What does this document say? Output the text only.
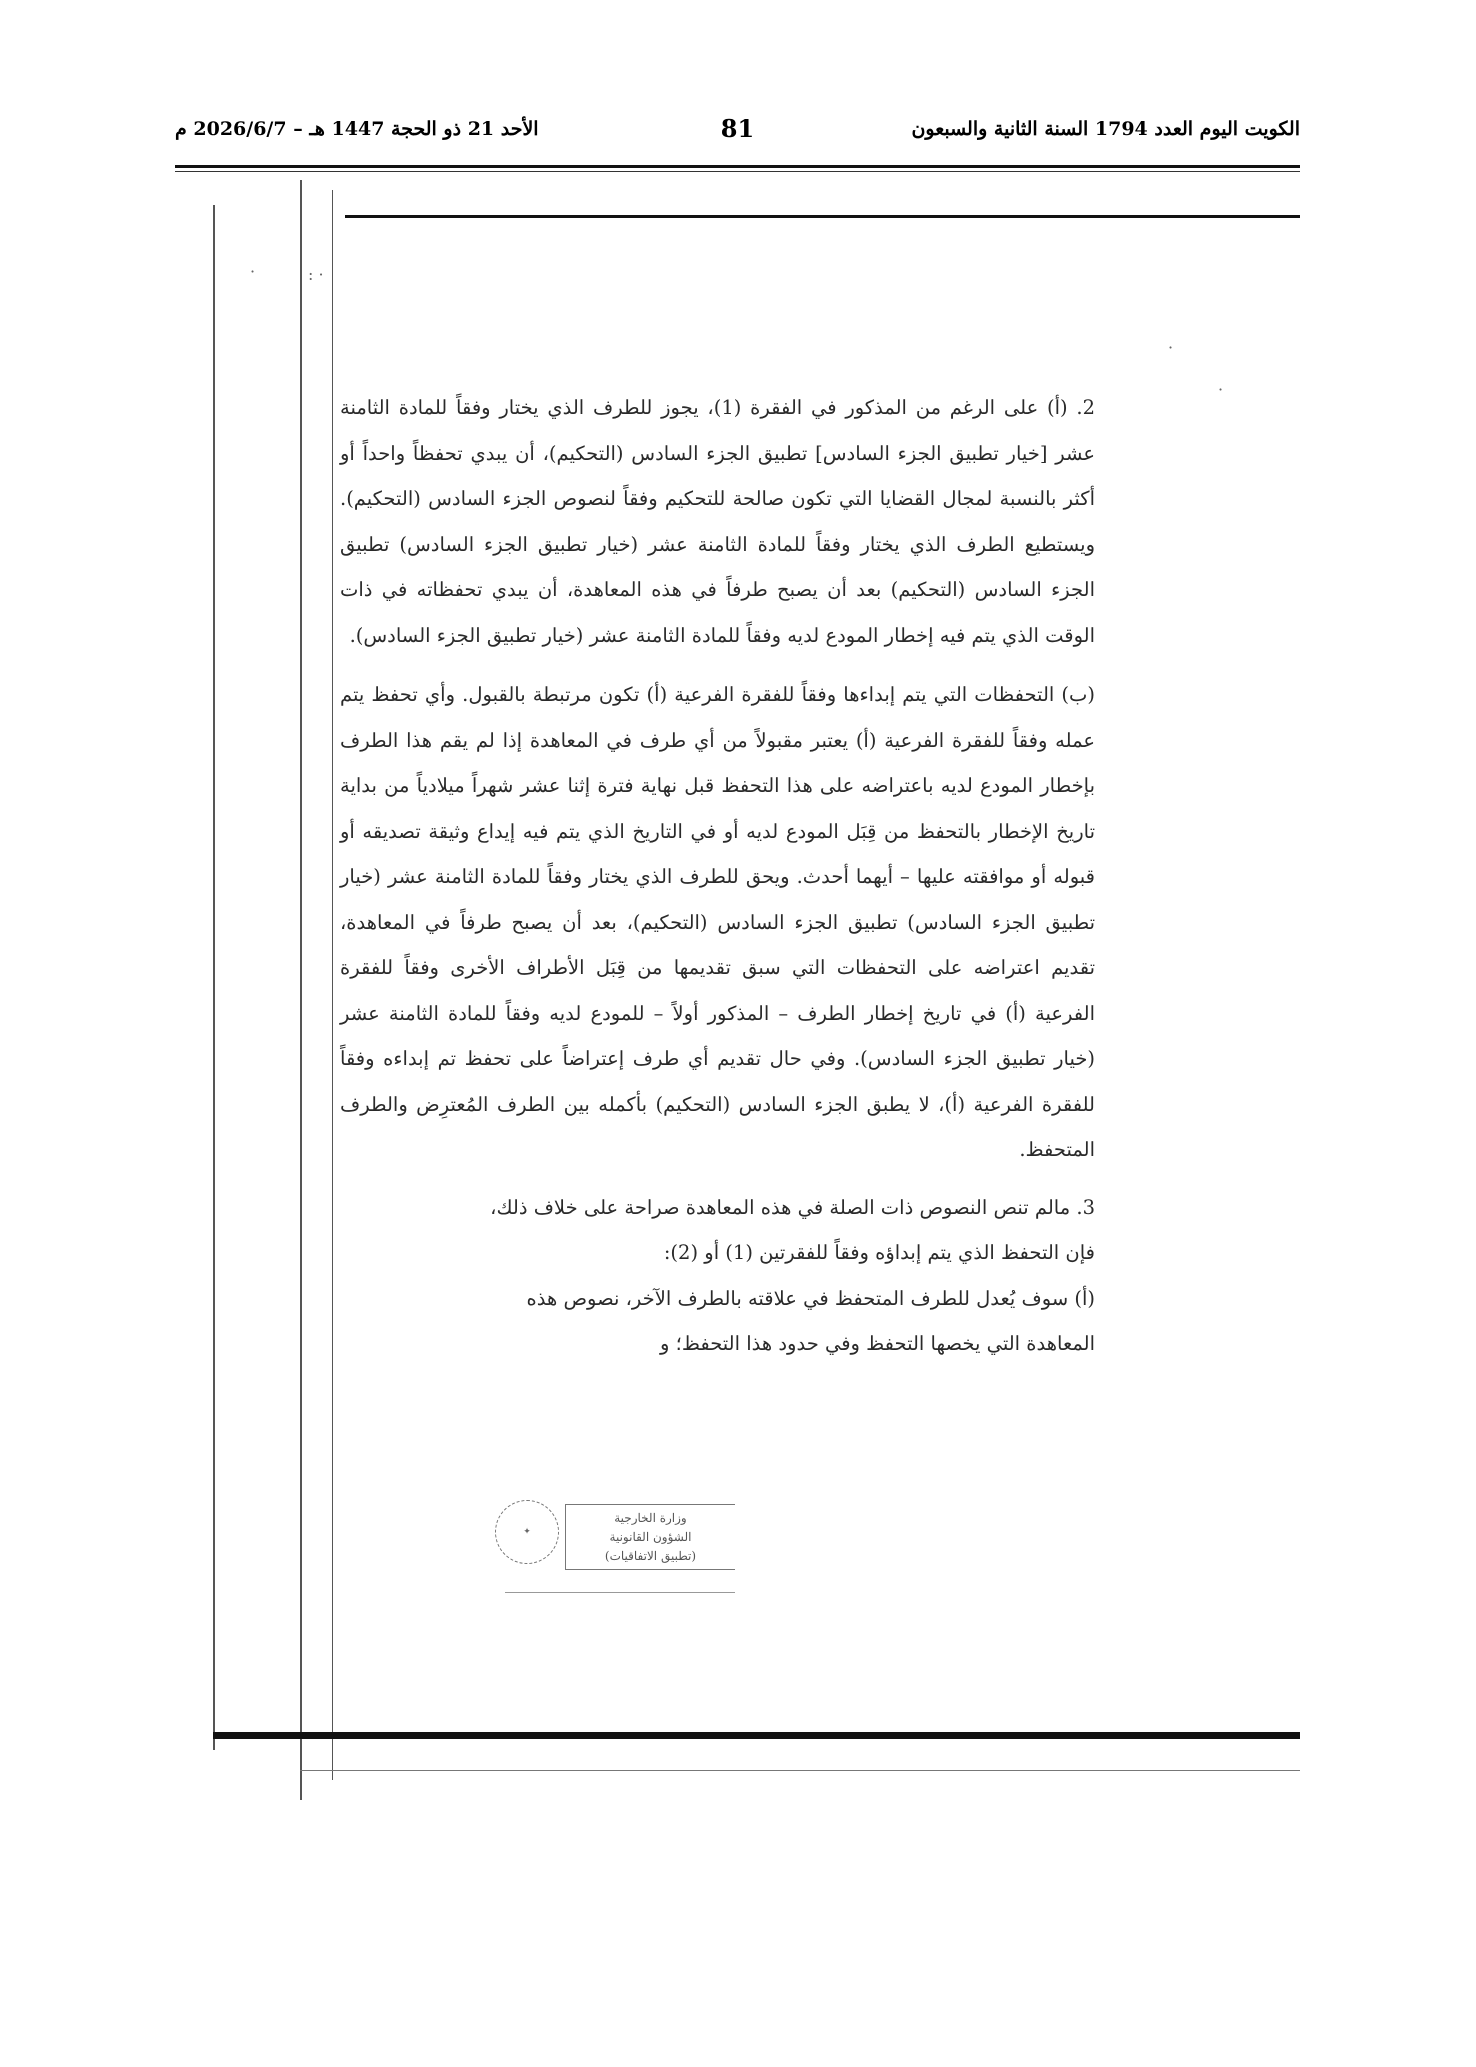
الكويت اليوم العدد 1794 السنة الثانية والسبعون
81
الأحد 21 ذو الحجة 1447 هـ – 2026/6/7 م
·	: ·
·
·

2. (أ) على الرغم من المذكور في الفقرة (1)، يجوز للطرف الذي يختار وفقاً للمادة الثامنة عشر [خيار تطبيق الجزء السادس] تطبيق الجزء السادس (التحكيم)، أن يبدي تحفظاً واحداً أو أكثر بالنسبة لمجال القضايا التي تكون صالحة للتحكيم وفقاً لنصوص الجزء السادس (التحكيم). ويستطيع الطرف الذي يختار وفقاً للمادة الثامنة عشر (خيار تطبيق الجزء السادس) تطبيق الجزء السادس (التحكيم) بعد أن يصبح طرفاً في هذه المعاهدة، أن يبدي تحفظاته في ذات الوقت الذي يتم فيه إخطار المودع لديه وفقاً للمادة الثامنة عشر (خيار تطبيق الجزء السادس).

(ب) التحفظات التي يتم إبداءها وفقاً للفقرة الفرعية (أ) تكون مرتبطة بالقبول. وأي تحفظ يتم عمله وفقاً للفقرة الفرعية (أ) يعتبر مقبولاً من أي طرف في المعاهدة إذا لم يقم هذا الطرف بإخطار المودع لديه باعتراضه على هذا التحفظ قبل نهاية فترة إثنا عشر شهراً ميلادياً من بداية تاريخ الإخطار بالتحفظ من قِبَل المودع لديه أو في التاريخ الذي يتم فيه إيداع وثيقة تصديقه أو قبوله أو موافقته عليها – أيهما أحدث. ويحق للطرف الذي يختار وفقاً للمادة الثامنة عشر (خيار تطبيق الجزء السادس) تطبيق الجزء السادس (التحكيم)، بعد أن يصبح طرفاً في المعاهدة، تقديم اعتراضه على التحفظات التي سبق تقديمها من قِبَل الأطراف الأخرى وفقاً للفقرة الفرعية (أ) في تاريخ إخطار الطرف – المذكور أولاً – للمودع لديه وفقاً للمادة الثامنة عشر (خيار تطبيق الجزء السادس). وفي حال تقديم أي طرف إعتراضاً على تحفظ تم إبداءه وفقاً للفقرة الفرعية (أ)، لا يطبق الجزء السادس (التحكيم) بأكمله بين الطرف المُعترِض والطرف المتحفظ.

3. مالم تنص النصوص ذات الصلة في هذه المعاهدة صراحة على خلاف ذلك،

فإن التحفظ الذي يتم إبداؤه وفقاً للفقرتين (1) أو (2):

(أ) سوف يُعدل للطرف المتحفظ في علاقته بالطرف الآخر، نصوص هذه

المعاهدة التي يخصها التحفظ وفي حدود هذا التحفظ؛ و

وزارة الخارجية
الشؤون القانونية
(تطبيق الاتفاقيات)
✦
